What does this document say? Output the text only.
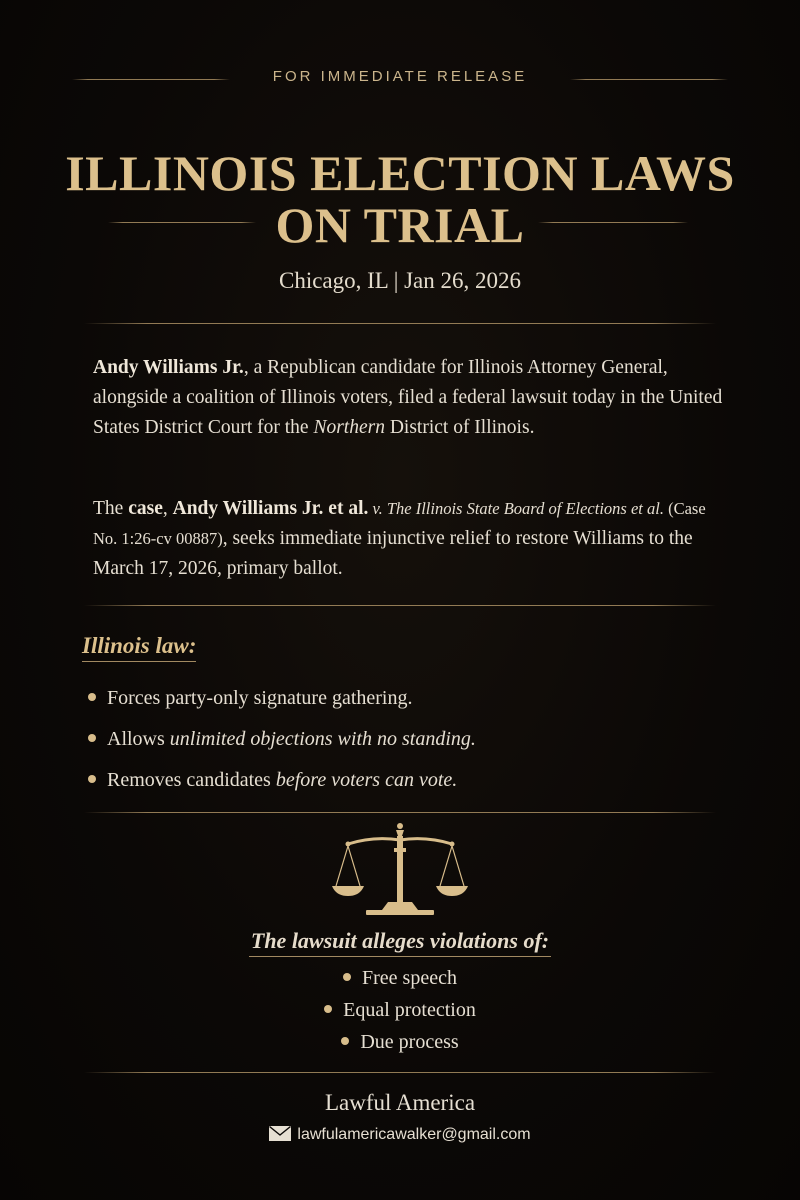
FOR IMMEDIATE RELEASE
ILLINOIS ELECTION LAWS
ON TRIAL
Chicago, IL | Jan 26, 2026
Andy Williams Jr., a Republican candidate for Illinois Attorney General, alongside a coalition of Illinois voters, filed a federal lawsuit today in the United States District Court for the Northern District of Illinois.
The case, Andy Williams Jr. et al. v. The Illinois State Board of Elections et al. (Case No. 1:26-cv 00887), seeks immediate injunctive relief to restore Williams to the March 17, 2026, primary ballot.
Illinois law:
Forces party-only signature gathering.
Allows unlimited objections with no standing.
Removes candidates before voters can vote.
The lawsuit alleges violations of:
Free speech
Equal protection
Due process
Lawful America
lawfulamericawalker@gmail.com
